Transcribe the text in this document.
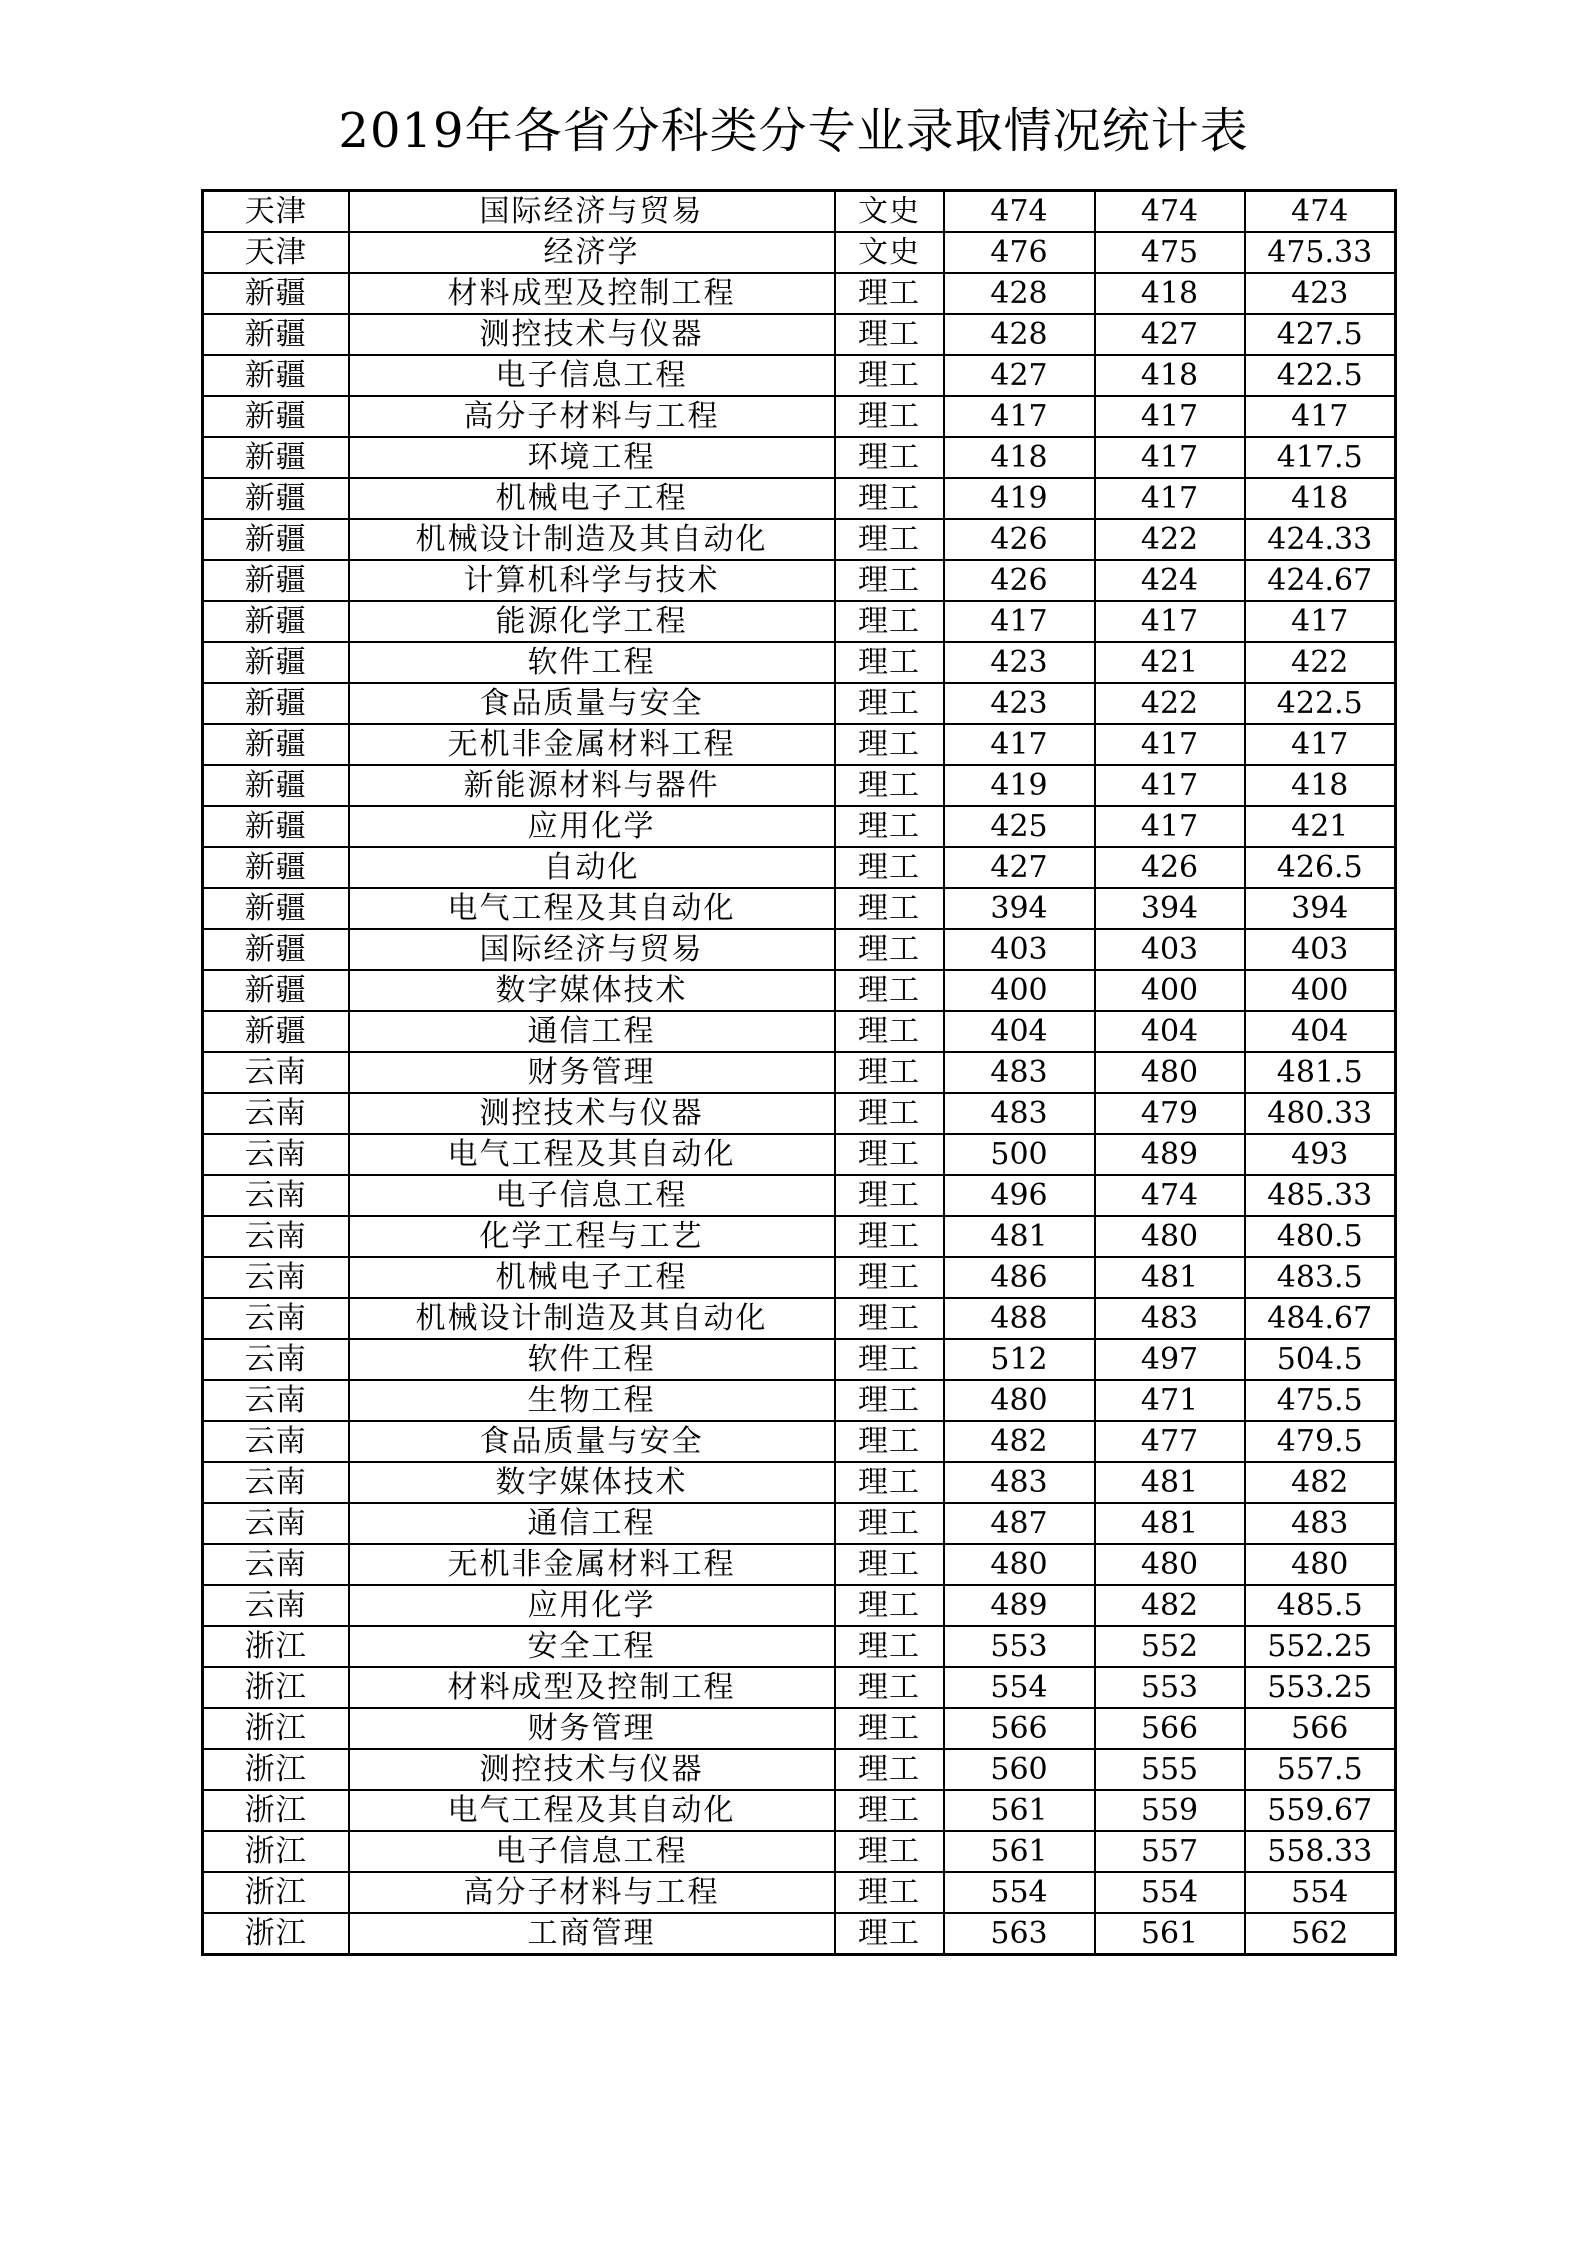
2019年各省分科类分专业录取情况统计表
天津	国际经济与贸易	文史	474	474	474
天津	经济学	文史	476	475	475.33
新疆	材料成型及控制工程	理工	428	418	423
新疆	测控技术与仪器	理工	428	427	427.5
新疆	电子信息工程	理工	427	418	422.5
新疆	高分子材料与工程	理工	417	417	417
新疆	环境工程	理工	418	417	417.5
新疆	机械电子工程	理工	419	417	418
新疆	机械设计制造及其自动化	理工	426	422	424.33
新疆	计算机科学与技术	理工	426	424	424.67
新疆	能源化学工程	理工	417	417	417
新疆	软件工程	理工	423	421	422
新疆	食品质量与安全	理工	423	422	422.5
新疆	无机非金属材料工程	理工	417	417	417
新疆	新能源材料与器件	理工	419	417	418
新疆	应用化学	理工	425	417	421
新疆	自动化	理工	427	426	426.5
新疆	电气工程及其自动化	理工	394	394	394
新疆	国际经济与贸易	理工	403	403	403
新疆	数字媒体技术	理工	400	400	400
新疆	通信工程	理工	404	404	404
云南	财务管理	理工	483	480	481.5
云南	测控技术与仪器	理工	483	479	480.33
云南	电气工程及其自动化	理工	500	489	493
云南	电子信息工程	理工	496	474	485.33
云南	化学工程与工艺	理工	481	480	480.5
云南	机械电子工程	理工	486	481	483.5
云南	机械设计制造及其自动化	理工	488	483	484.67
云南	软件工程	理工	512	497	504.5
云南	生物工程	理工	480	471	475.5
云南	食品质量与安全	理工	482	477	479.5
云南	数字媒体技术	理工	483	481	482
云南	通信工程	理工	487	481	483
云南	无机非金属材料工程	理工	480	480	480
云南	应用化学	理工	489	482	485.5
浙江	安全工程	理工	553	552	552.25
浙江	材料成型及控制工程	理工	554	553	553.25
浙江	财务管理	理工	566	566	566
浙江	测控技术与仪器	理工	560	555	557.5
浙江	电气工程及其自动化	理工	561	559	559.67
浙江	电子信息工程	理工	561	557	558.33
浙江	高分子材料与工程	理工	554	554	554
浙江	工商管理	理工	563	561	562
